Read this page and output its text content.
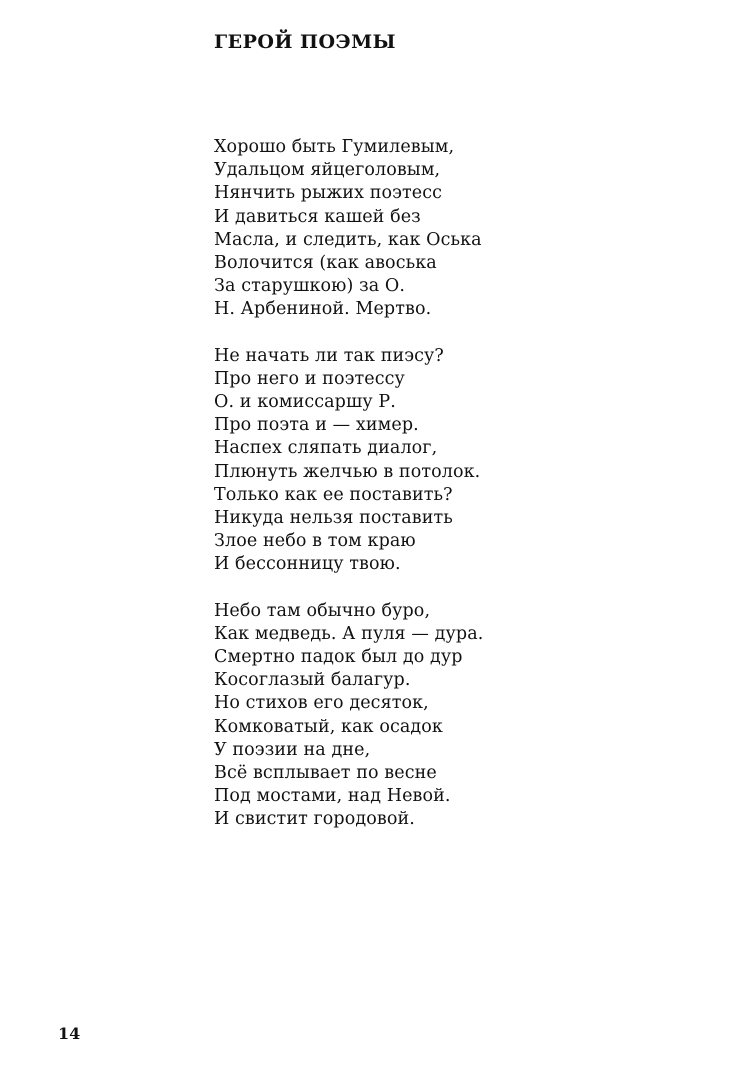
ГЕРОЙ ПОЭМЫ
Хорошо быть Гумилевым,
Удальцом яйцеголовым,
Нянчить рыжих поэтесс
И давиться кашей без
Масла, и следить, как Оська
Волочится (как авоська
За старушкою) за О.
Н. Арбениной. Мертво.
Не начать ли так пиэсу?
Про него и поэтессу
О. и комиссаршу Р.
Про поэта и — химер.
Наспех сляпать диалог,
Плюнуть желчью в потолок.
Только как ее поставить?
Никуда нельзя поставить
Злое небо в том краю
И бессонницу твою.
Небо там обычно буро,
Как медведь. А пуля — дура.
Смертно падок был до дур
Косоглазый балагур.
Но стихов его десяток,
Комковатый, как осадок
У поэзии на дне,
Всё всплывает по весне
Под мостами, над Невой.
И свистит городовой.
14
